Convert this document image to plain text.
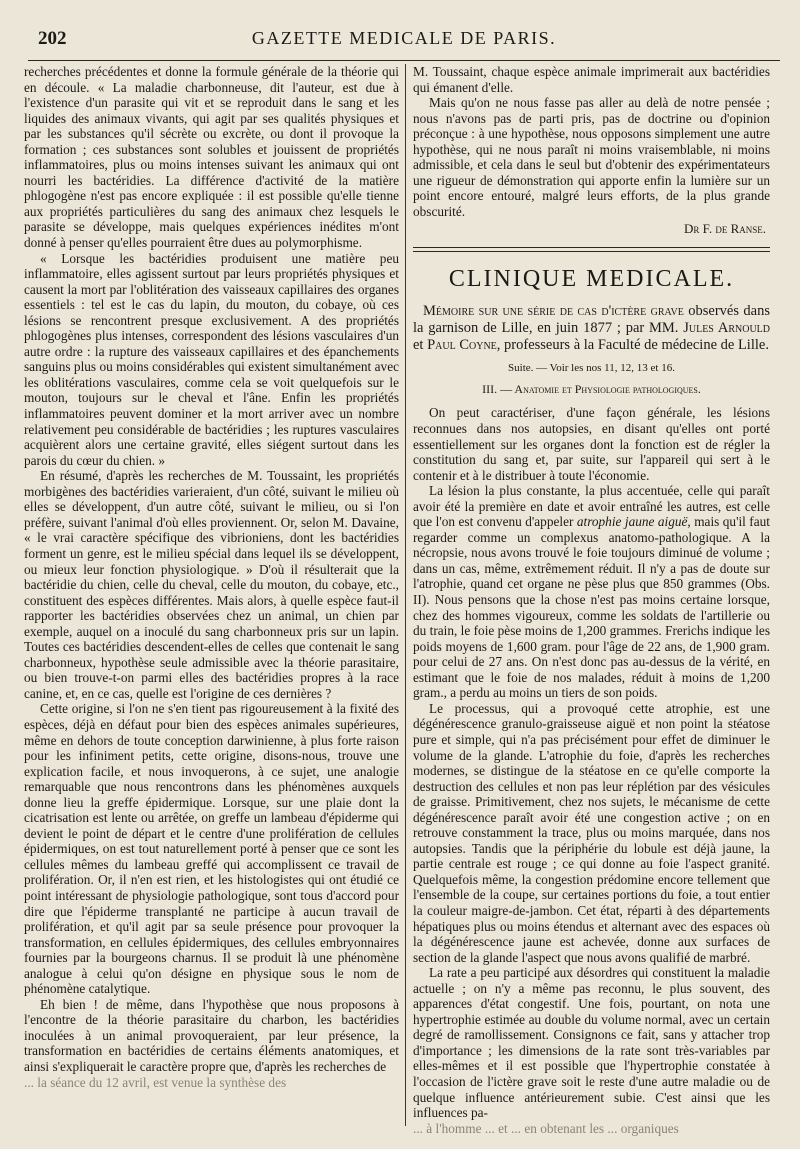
202	GAZETTE MEDICALE DE PARIS.

recherches précédentes et donne la formule générale de la théorie qui en découle. « La maladie charbonneuse, dit l'auteur, est due à l'existence d'un parasite qui vit et se reproduit dans le sang et les liquides des animaux vivants, qui agit par ses qualités physiques et par les substances qu'il sécrète ou excrète, ou dont il provoque la formation ; ces substances sont solubles et jouissent de propriétés inflammatoires, plus ou moins intenses suivant les animaux qui ont nourri les bactéridies. La différence d'activité de la matière phlogogène n'est pas encore expliquée : il est possible qu'elle tienne aux propriétés particulières du sang des animaux chez lesquels le parasite se développe, mais quelques expériences inédites m'ont donné à penser qu'elles pourraient être dues au polymorphisme.

« Lorsque les bactéridies produisent une matière peu inflammatoire, elles agissent surtout par leurs propriétés physiques et causent la mort par l'oblitération des vaisseaux capillaires des organes essentiels : tel est le cas du lapin, du mouton, du cobaye, où ces lésions se rencontrent presque exclusivement. A des propriétés phlogogènes plus intenses, correspondent des lésions vasculaires d'un autre ordre : la rupture des vaisseaux capillaires et des épanchements sanguins plus ou moins considérables qui existent simultanément avec les oblitérations vasculaires, comme cela se voit quelquefois sur le mouton, toujours sur le cheval et l'âne. Enfin les propriétés inflammatoires peuvent dominer et la mort arriver avec un nombre relativement peu considérable de bactéridies ; les ruptures vasculaires acquièrent alors une certaine gravité, elles siégent surtout dans les parois du cœur du chien. »

En résumé, d'après les recherches de M. Toussaint, les propriétés morbigènes des bactéridies varieraient, d'un côté, suivant le milieu où elles se développent, d'un autre côté, suivant le milieu, ou si l'on préfère, suivant l'animal d'où elles proviennent. Or, selon M. Davaine, « le vrai caractère spécifique des vibrioniens, dont les bactéridies forment un genre, est le milieu spécial dans lequel ils se développent, ou mieux leur fonction physiologique. » D'où il résulterait que la bactéridie du chien, celle du cheval, celle du mouton, du cobaye, etc., constituent des espèces différentes. Mais alors, à quelle espèce faut-il rapporter les bactéridies observées chez un animal, un chien par exemple, auquel on a inoculé du sang charbonneux pris sur un lapin. Toutes ces bactéridies descendent-elles de celles que contenait le sang charbonneux, hypothèse seule admissible avec la théorie parasitaire, ou bien trouve-t-on parmi elles des bactéridies propres à la race canine, et, en ce cas, quelle est l'origine de ces dernières ?

Cette origine, si l'on ne s'en tient pas rigoureusement à la fixité des espèces, déjà en défaut pour bien des espèces animales supérieures, même en dehors de toute conception darwinienne, à plus forte raison pour les infiniment petits, cette origine, disons-nous, trouve une explication facile, et nous invoquerons, à ce sujet, une analogie remarquable que nous rencontrons dans les phénomènes auxquels donne lieu la greffe épidermique. Lorsque, sur une plaie dont la cicatrisation est lente ou arrêtée, on greffe un lambeau d'épiderme qui devient le point de départ et le centre d'une prolifération de cellules épidermiques, on est tout naturellement porté à penser que ce sont les cellules mêmes du lambeau greffé qui accomplissent ce travail de prolifération. Or, il n'en est rien, et les histologistes qui ont étudié ce point intéressant de physiologie pathologique, sont tous d'accord pour dire que l'épiderme transplanté ne participe à aucun travail de prolifération, et qu'il agit par sa seule présence pour provoquer la transformation, en cellules épidermiques, des cellules embryonnaires fournies par la bourgeons charnus. Il se produit là une phénomène analogue à celui qu'on désigne en physique sous le nom de phénomène catalytique.

Eh bien ! de même, dans l'hypothèse que nous proposons à l'encontre de la théorie parasitaire du charbon, les bactéridies inoculées à un animal provoqueraient, par leur présence, la transformation en bactéridies de certains éléments anatomiques, et ainsi s'expliquerait le caractère propre que, d'après les recherches de

... la séance du 12 avril, est venue la synthèse des

M. Toussaint, chaque espèce animale imprimerait aux bactéridies qui émanent d'elle.

Mais qu'on ne nous fasse pas aller au delà de notre pensée ; nous n'avons pas de parti pris, pas de doctrine ou d'opinion préconçue : à une hypothèse, nous opposons simplement une autre hypothèse, qui ne nous paraît ni moins vraisemblable, ni moins admissible, et cela dans le seul but d'obtenir des expérimentateurs une rigueur de démonstration qui apporte enfin la lumière sur un point encore entouré, malgré leurs efforts, de la plus grande obscurité.

Dr F. de Ranse.
CLINIQUE MEDICALE.

Mémoire sur une série de cas d'ictère grave observés dans la garnison de Lille, en juin 1877 ; par MM. Jules Arnould et Paul Coyne, professeurs à la Faculté de médecine de Lille.

Suite. — Voir les nos 11, 12, 13 et 16.
III. — Anatomie et Physiologie pathologiques.

On peut caractériser, d'une façon générale, les lésions reconnues dans nos autopsies, en disant qu'elles ont porté essentiellement sur les organes dont la fonction est de régler la constitution du sang et, par suite, sur l'appareil qui sert à le contenir et à le distribuer à toute l'économie.

La lésion la plus constante, la plus accentuée, celle qui paraît avoir été la première en date et avoir entraîné les autres, est celle que l'on est convenu d'appeler atrophie jaune aiguë, mais qu'il faut regarder comme un complexus anatomo-pathologique. A la nécropsie, nous avons trouvé le foie toujours diminué de volume ; dans un cas, même, extrêmement réduit. Il n'y a pas de doute sur l'atrophie, quand cet organe ne pèse plus que 850 grammes (Obs. II). Nous pensons que la chose n'est pas moins certaine lorsque, chez des hommes vigoureux, comme les soldats de l'artillerie ou du train, le foie pèse moins de 1,200 grammes. Frerichs indique les poids moyens de 1,600 gram. pour l'âge de 22 ans, de 1,900 gram. pour celui de 27 ans. On n'est donc pas au-dessus de la vérité, en estimant que le foie de nos malades, réduit à moins de 1,200 gram., a perdu au moins un tiers de son poids.

Le processus, qui a provoqué cette atrophie, est une dégénérescence granulo-graisseuse aiguë et non point la stéatose pure et simple, qui n'a pas précisément pour effet de diminuer le volume de la glande. L'atrophie du foie, d'après les recherches modernes, se distingue de la stéatose en ce qu'elle comporte la destruction des cellules et non pas leur réplétion par des vésicules de graisse. Primitivement, chez nos sujets, le mécanisme de cette dégénérescence paraît avoir été une congestion active ; on en retrouve constamment la trace, plus ou moins marquée, dans nos autopsies. Tandis que la périphérie du lobule est déjà jaune, la partie centrale est rouge ; ce qui donne au foie l'aspect granité. Quelquefois même, la congestion prédomine encore tellement que l'ensemble de la coupe, sur certaines portions du foie, a tout entier la couleur maigre-de-jambon. Cet état, réparti à des départements hépatiques plus ou moins étendus et alternant avec des espaces où la dégénérescence jaune est achevée, donne aux surfaces de section de la glande l'aspect que nous avons qualifié de marbré.

La rate a peu participé aux désordres qui constituent la maladie actuelle ; on n'y a même pas reconnu, le plus souvent, des apparences d'état congestif. Une fois, pourtant, on nota une hypertrophie estimée au double du volume normal, avec un certain degré de ramollissement. Consignons ce fait, sans y attacher trop d'importance ; les dimensions de la rate sont très-variables par elles-mêmes et il est possible que l'hypertrophie constatée à l'occasion de l'ictère grave soit le reste d'une autre maladie ou de quelque influence antérieurement subie. C'est ainsi que les influences pa-

... à l'homme ... et ... en obtenant les ... organiques
